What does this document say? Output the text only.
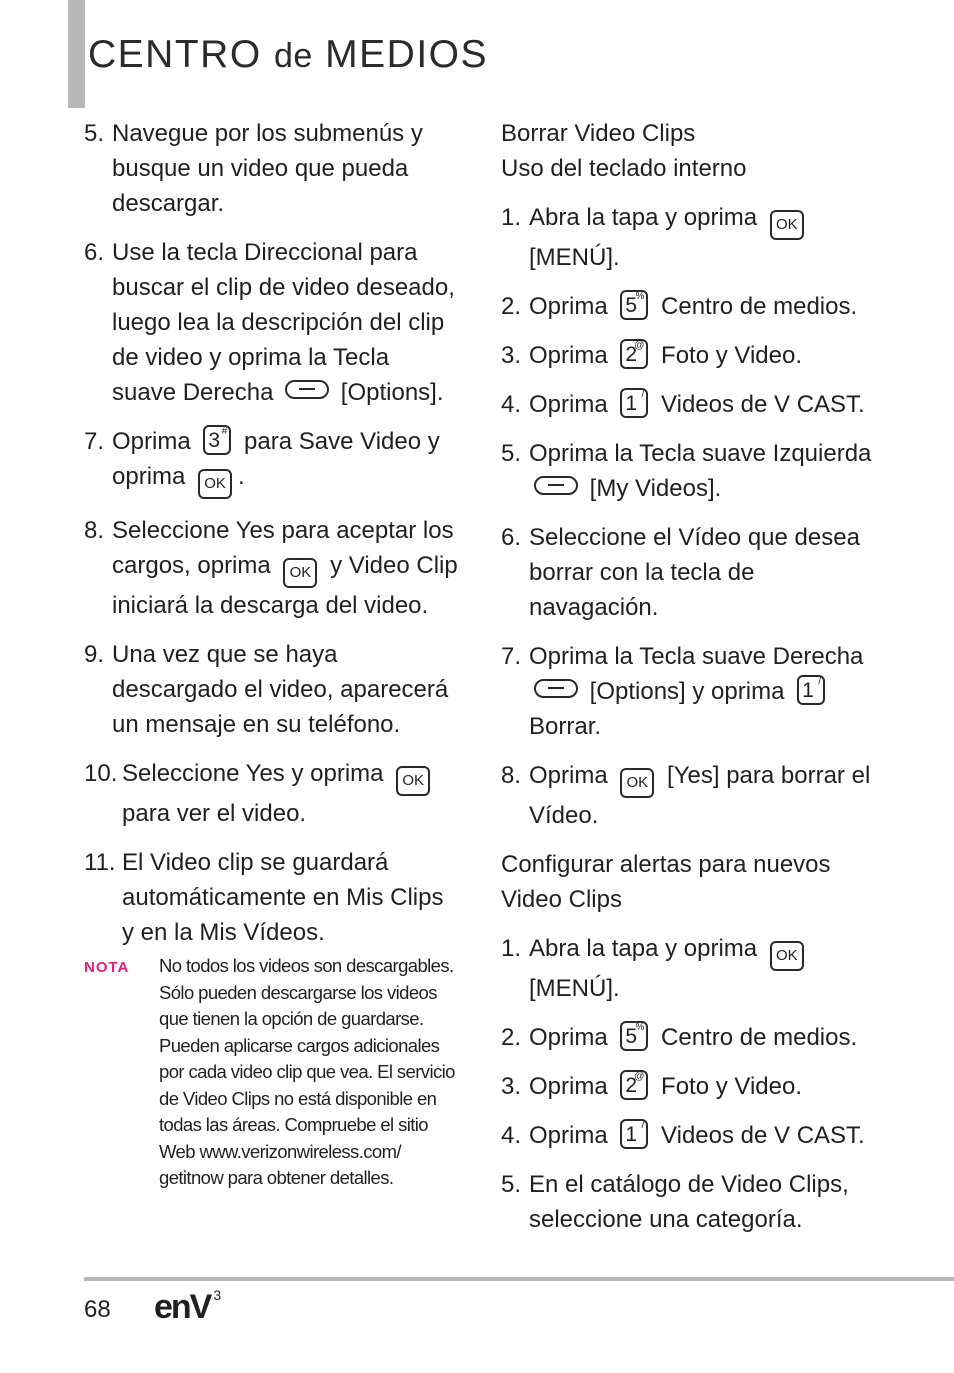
CENTRO de MEDIOS
5. Navegue por los submenús y busque un video que pueda descargar.
6. Use la tecla Direccional para buscar el clip de video deseado, luego lea la descripción del clip de video y oprima la Tecla suave Derecha	[Options].
7. Oprima 3 # para Save Video y oprima OK .
8. Seleccione Yes para aceptar los cargos, oprima OK y Video Clip iniciará la descarga del video.
9. Una vez que se haya descargado el video, aparecerá un mensaje en su teléfono.
10. Seleccione Yes y oprima OK para ver el video.
11. El Video clip se guardará automáticamente en Mis Clips y en la Mis Vídeos.
NOTA No todos los videos son descargables. Sólo pueden descargarse los videos que tienen la opción de guardarse. Pueden aplicarse cargos adicionales por cada video clip que vea. El servicio de Video Clips no está disponible en todas las áreas. Compruebe el sitio Web www.verizonwireless.com/ getitnow para obtener detalles.
Borrar Video Clips
Uso del teclado interno
1. Abra la tapa y oprima OK [MENÚ].
2. Oprima 5
% Centro de medios.
3. Oprima 2
@ Foto y Video.
4. Oprima 1 / Videos de V CAST.
5. Oprima la Tecla suave Izquierda  [My Videos].
6. Seleccione el Vídeo que desea borrar con la tecla de navagación.
7. Oprima la Tecla suave Derecha  [Options] y oprima 1 /
Borrar.
8. Oprima OK [Yes] para borrar el Vídeo.
Configurar alertas para nuevos
Video Clips
1. Abra la tapa y oprima OK [MENÚ].
2. Oprima 5
% Centro de medios.
3. Oprima 2
@ Foto y Video.
4. Oprima 1 / Videos de V CAST.
5. En el catálogo de Video Clips, seleccione una categoría.
68 enV $^3$
